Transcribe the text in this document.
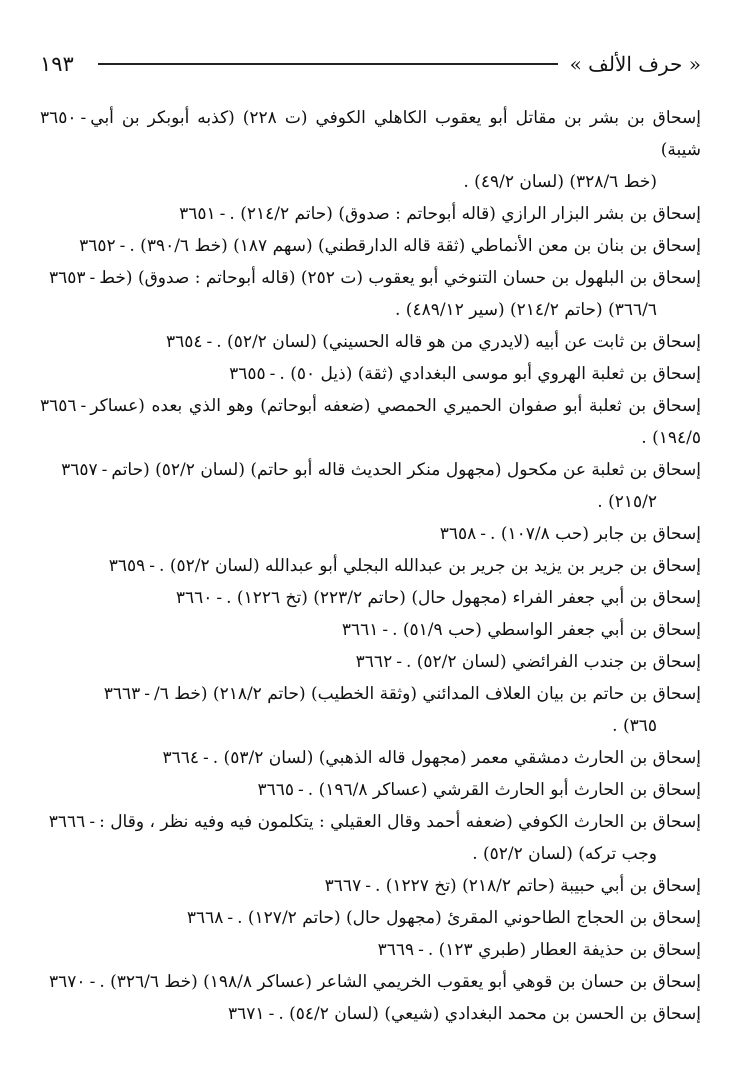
١٩٣	« حرف الألف »
٣٦٥٠ - إسحاق بن بشر بن مقاتل أبو يعقوب الكاهلي الكوفي (ت ٢٢٨) (كذبه أبوبكر بن أبي شيبة)
(خط ٣٢٨/٦) (لسان ٤٩/٢) .
٣٦٥١ - إسحاق بن بشر البزار الرازي (قاله أبوحاتم : صدوق) (حاتم ٢١٤/٢) .
٣٦٥٢ - إسحاق بن بنان بن معن الأنماطي (ثقة قاله الدارقطني) (سهم ١٨٧) (خط ٣٩٠/٦) .
٣٦٥٣ - إسحاق بن البلهول بن حسان التنوخي أبو يعقوب (ت ٢٥٢) (قاله أبوحاتم : صدوق) (خط
٣٦٦/٦) (حاتم ٢١٤/٢) (سير ٤٨٩/١٢) .
٣٦٥٤ - إسحاق بن ثابت عن أبيه (لايدري من هو قاله الحسيني) (لسان ٥٢/٢) .
٣٦٥٥ - إسحاق بن ثعلبة الهروي أبو موسى البغدادي (ثقة) (ذيل ٥٠) .
٣٦٥٦ - إسحاق بن ثعلبة أبو صفوان الحميري الحمصي (ضعفه أبوحاتم) وهو الذي بعده (عساكر ١٩٤/٥) .
٣٦٥٧ - إسحاق بن ثعلبة عن مكحول (مجهول منكر الحديث قاله أبو حاتم) (لسان ٥٢/٢) (حاتم
٢١٥/٢) .
٣٦٥٨ - إسحاق بن جابر (حب ١٠٧/٨) .
٣٦٥٩ - إسحاق بن جرير بن يزيد بن جرير بن عبدالله البجلي أبو عبدالله (لسان ٥٢/٢) .
٣٦٦٠ - إسحاق بن أبي جعفر الفراء (مجهول حال) (حاتم ٢٢٣/٢) (تخ ١٢٢٦) .
٣٦٦١ - إسحاق بن أبي جعفر الواسطي (حب ٥١/٩) .
٣٦٦٢ - إسحاق بن جندب الفرائضي (لسان ٥٢/٢) .
٣٦٦٣ - إسحاق بن حاتم بن بيان العلاف المدائني (وثقة الخطيب) (حاتم ٢١٨/٢) (خط ٦/
٣٦٥) .
٣٦٦٤ - إسحاق بن الحارث دمشقي معمر (مجهول قاله الذهبي) (لسان ٥٣/٢) .
٣٦٦٥ - إسحاق بن الحارث أبو الحارث القرشي (عساكر ١٩٦/٨) .
٣٦٦٦ - إسحاق بن الحارث الكوفي (ضعفه أحمد وقال العقيلي : يتكلمون فيه وفيه نظر ، وقال :
وجب تركه) (لسان ٥٢/٢) .
٣٦٦٧ - إسحاق بن أبي حبيبة (حاتم ٢١٨/٢) (تخ ١٢٢٧) .
٣٦٦٨ - إسحاق بن الحجاج الطاحوني المقرئ (مجهول حال) (حاتم ١٢٧/٢) .
٣٦٦٩ - إسحاق بن حذيفة العطار (طبري ١٢٣) .
٣٦٧٠ - إسحاق بن حسان بن قوهي أبو يعقوب الخريمي الشاعر (عساكر ١٩٨/٨) (خط ٣٢٦/٦) .
٣٦٧١ - إسحاق بن الحسن بن محمد البغدادي (شيعي) (لسان ٥٤/٢) .
